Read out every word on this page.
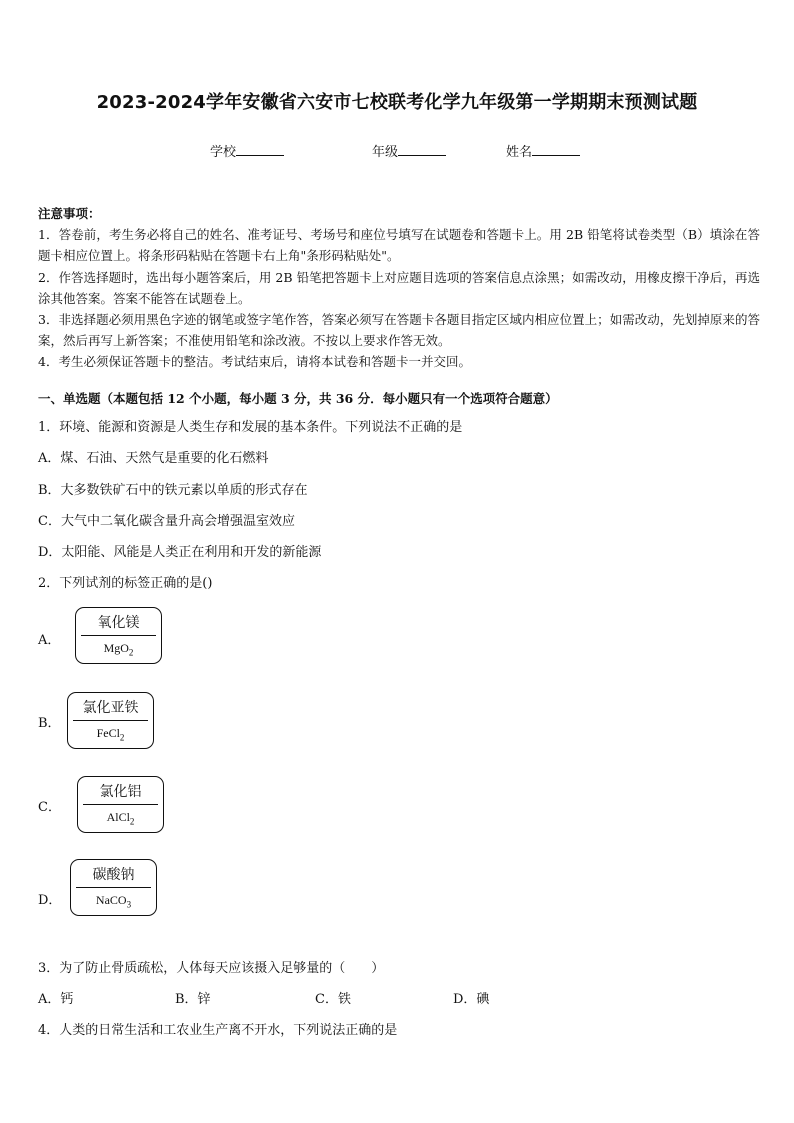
2023-2024学年安徽省六安市七校联考化学九年级第一学期期末预测试题
学校	年级	姓名

注意事项：

1．答卷前，考生务必将自己的姓名、准考证号、考场号和座位号填写在试题卷和答题卡上。用 2B 铅笔将试卷类型（B）填涂在答题卡相应位置上。将条形码粘贴在答题卡右上角"条形码粘贴处"。

2．作答选择题时，选出每小题答案后，用 2B 铅笔把答题卡上对应题目选项的答案信息点涂黑；如需改动，用橡皮擦干净后，再选涂其他答案。答案不能答在试题卷上。

3．非选择题必须用黑色字迹的钢笔或签字笔作答，答案必须写在答题卡各题目指定区域内相应位置上；如需改动，先划掉原来的答案，然后再写上新答案；不准使用铅笔和涂改液。不按以上要求作答无效。

4．考生必须保证答题卡的整洁。考试结束后，请将本试卷和答题卡一并交回。

一、单选题（本题包括 12 个小题，每小题 3 分，共 36 分．每小题只有一个选项符合题意）
1．环境、能源和资源是人类生存和发展的基本条件。下列说法不正确的是
A．煤、石油、天然气是重要的化石燃料
B．大多数铁矿石中的铁元素以单质的形式存在
C．大气中二氧化碳含量升高会增强温室效应
D．太阳能、风能是人类正在利用和开发的新能源
2．下列试剂的标签正确的是()
A．
氧化镁
MgO$_2$
B．
氯化亚铁
FeCl$_2$
C．
氯化铝
AlCl$_2$
D．
碳酸钠
NaCO$_3$
3．为了防止骨质疏松，人体每天应该摄入足够量的（　　）
A．钙	B．锌	C．铁	D．碘
4．人类的日常生活和工农业生产离不开水，下列说法正确的是
